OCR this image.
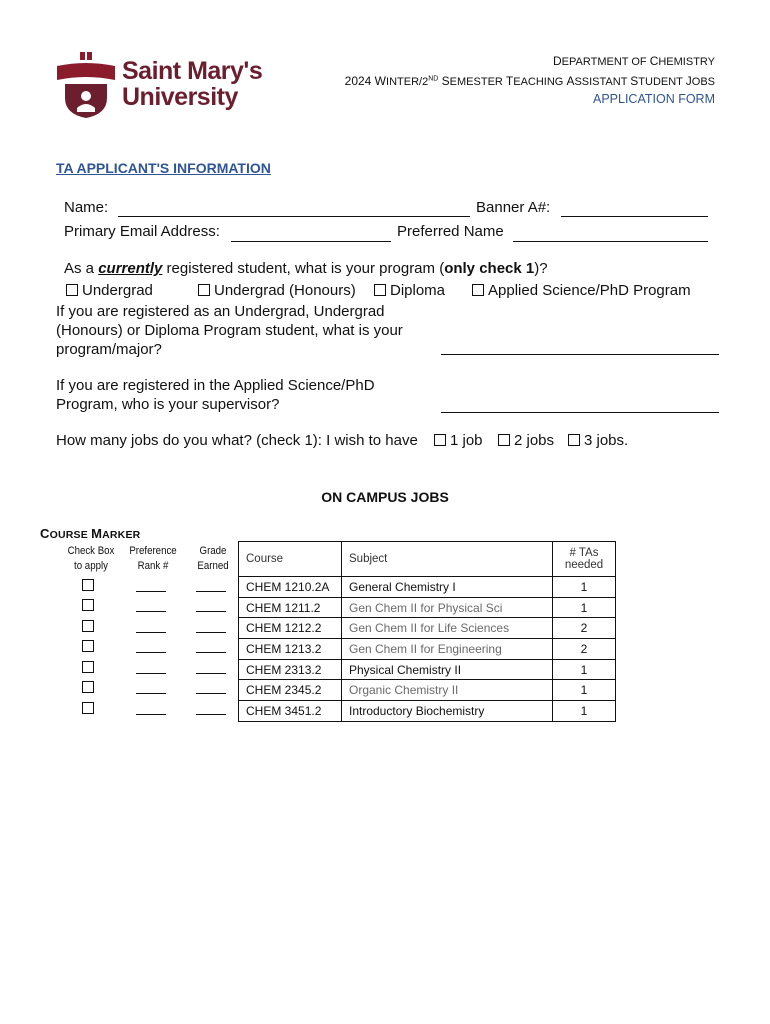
Saint Mary's
University
DEPARTMENT OF CHEMISTRY
2024 WINTER/2ND SEMESTER TEACHING ASSISTANT STUDENT JOBS
APPLICATION FORM
TA APPLICANT'S INFORMATION
Name:	Banner A#:
Primary Email Address:	Preferred Name
As a currently registered student, what is your program (only check 1)?
Undergrad	Undergrad (Honours)	Diploma	Applied Science/PhD Program
If you are registered as an Undergrad, Undergrad
(Honours) or Diploma Program student, what is your
program/major?
If you are registered in the Applied Science/PhD
Program, who is your supervisor?
How many jobs do you what? (check 1): I wish to have	1 job	2 jobs	3 jobs.
ON CAMPUS JOBS
COURSE MARKER
Check Box
to apply
Preference
Rank #
Grade
Earned
Course	Subject	# TAs needed
CHEM 1210.2A	General Chemistry I	1
CHEM 1211.2	Gen Chem II for Physical Sci	1
CHEM 1212.2	Gen Chem II for Life Sciences	2
CHEM 1213.2	Gen Chem II for Engineering	2
CHEM 2313.2	Physical Chemistry II	1
CHEM 2345.2	Organic Chemistry II	1
CHEM 3451.2	Introductory Biochemistry	1
